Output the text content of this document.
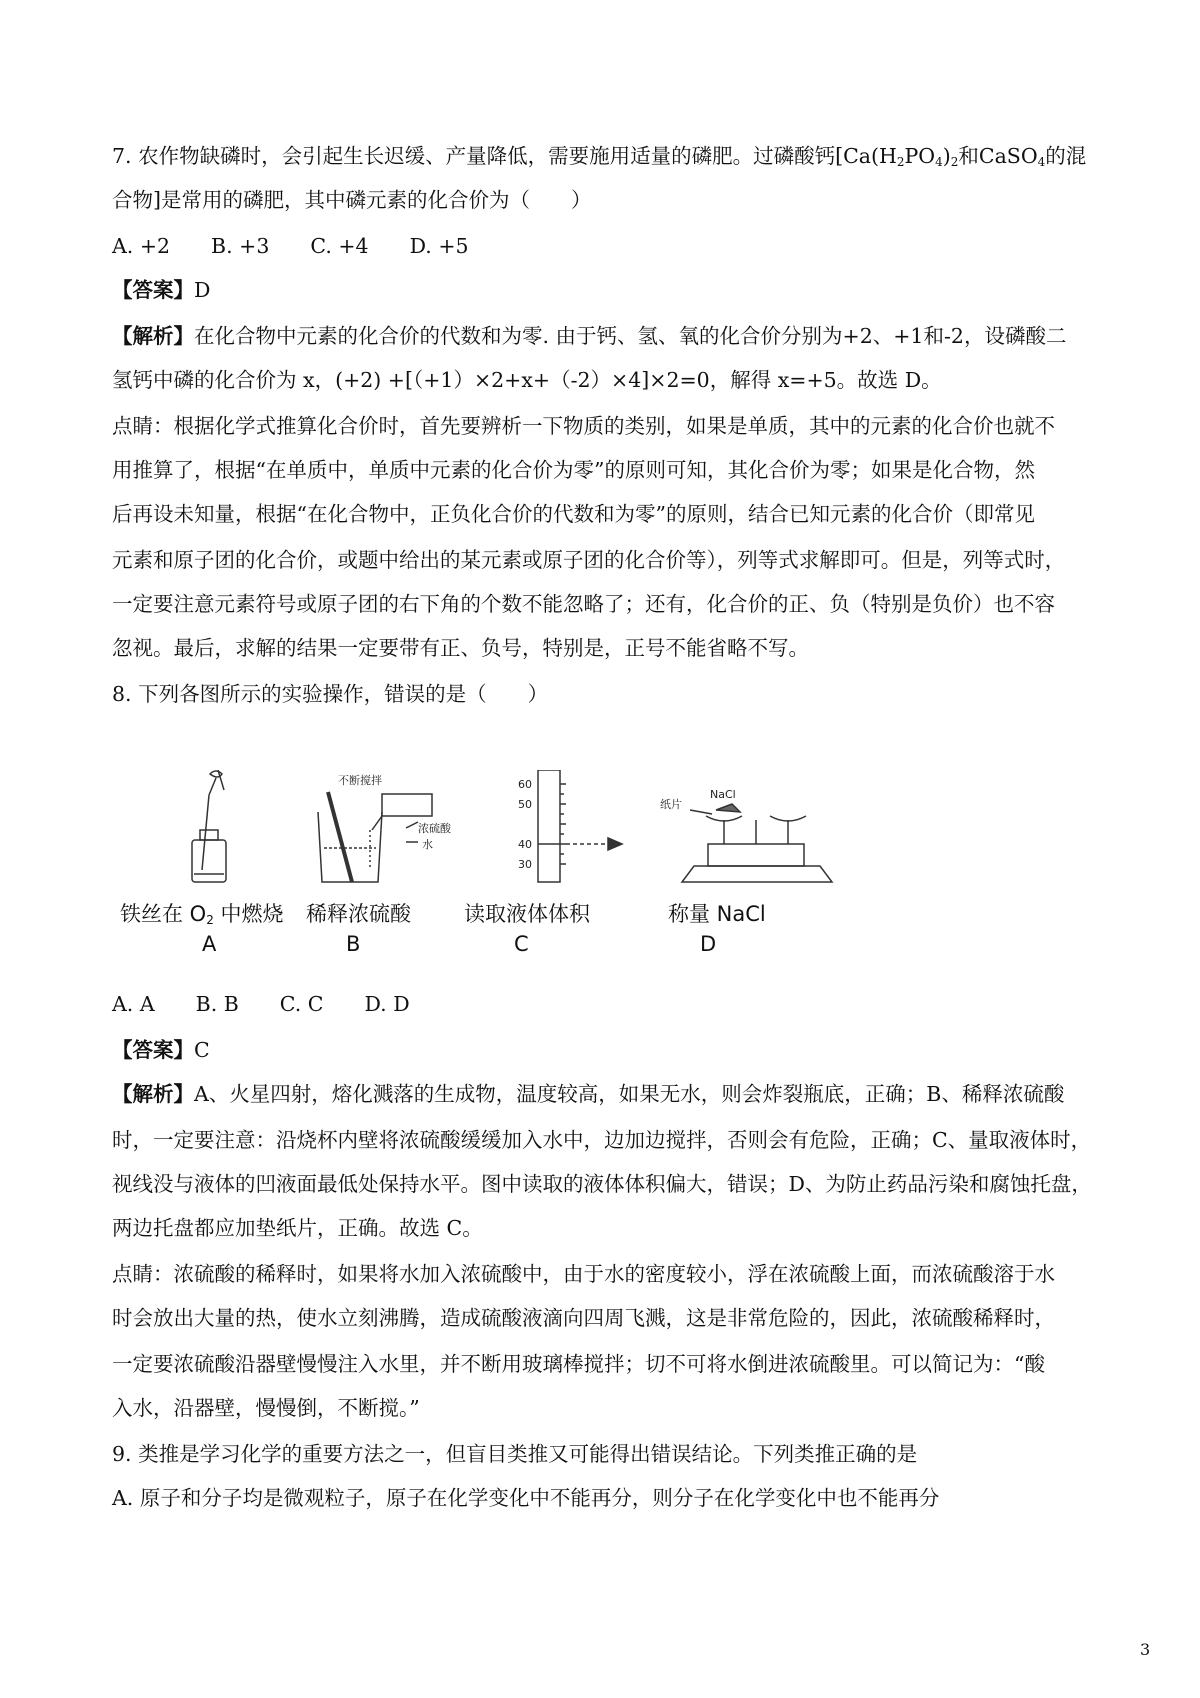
7. 农作物缺磷时，会引起生长迟缓、产量降低，需要施用适量的磷肥。过磷酸钙[$Ca(H_2PO_4)_2$和CaSO$_4$的混
合物]是常用的磷肥，其中磷元素的化合价为（　　）
A. +2　　B. +3　　C. +4　　D. +5
【答案】D
【解析】在化合物中元素的化合价的代数和为零. 由于钙、氢、氧的化合价分别为+2、+1和-2，设磷酸二
氢钙中磷的化合价为 x，(+2) +[（+1）×2+x+（-2）×4]×2=0，解得 x=+5。故选 D。
点睛：根据化学式推算化合价时，首先要辨析一下物质的类别，如果是单质，其中的元素的化合价也就不
用推算了，根据“在单质中，单质中元素的化合价为零”的原则可知，其化合价为零；如果是化合物，然
后再设未知量，根据“在化合物中，正负化合价的代数和为零”的原则，结合已知元素的化合价（即常见
元素和原子团的化合价，或题中给出的某元素或原子团的化合价等），列等式求解即可。但是，列等式时，
一定要注意元素符号或原子团的右下角的个数不能忽略了；还有，化合价的正、负（特别是负价）也不容
忽视。最后，求解的结果一定要带有正、负号，特别是，正号不能省略不写。
8. 下列各图所示的实验操作，错误的是（　　）
不断搅拌
浓硫酸
水
60
50
40
30
NaCl
纸片
铁丝在 $O_2$ 中燃烧 稀释浓硫酸	读取液体体积	称量 NaCl
A	B	C	D
A. A　　B. B　　C. C　　D. D
【答案】C
【解析】A、火星四射，熔化溅落的生成物，温度较高，如果无水，则会炸裂瓶底，正确；B、稀释浓硫酸
时，一定要注意：沿烧杯内壁将浓硫酸缓缓加入水中，边加边搅拌，否则会有危险，正确；C、量取液体时，
视线没与液体的凹液面最低处保持水平。图中读取的液体体积偏大，错误；D、为防止药品污染和腐蚀托盘，
两边托盘都应加垫纸片，正确。故选 C。
点睛：浓硫酸的稀释时，如果将水加入浓硫酸中，由于水的密度较小，浮在浓硫酸上面，而浓硫酸溶于水
时会放出大量的热，使水立刻沸腾，造成硫酸液滴向四周飞溅，这是非常危险的，因此，浓硫酸稀释时，
一定要浓硫酸沿器壁慢慢注入水里，并不断用玻璃棒搅拌；切不可将水倒进浓硫酸里。可以简记为：“酸
入水，沿器壁，慢慢倒，不断搅。”
9. 类推是学习化学的重要方法之一，但盲目类推又可能得出错误结论。下列类推正确的是
A. 原子和分子均是微观粒子，原子在化学变化中不能再分，则分子在化学变化中也不能再分
3
